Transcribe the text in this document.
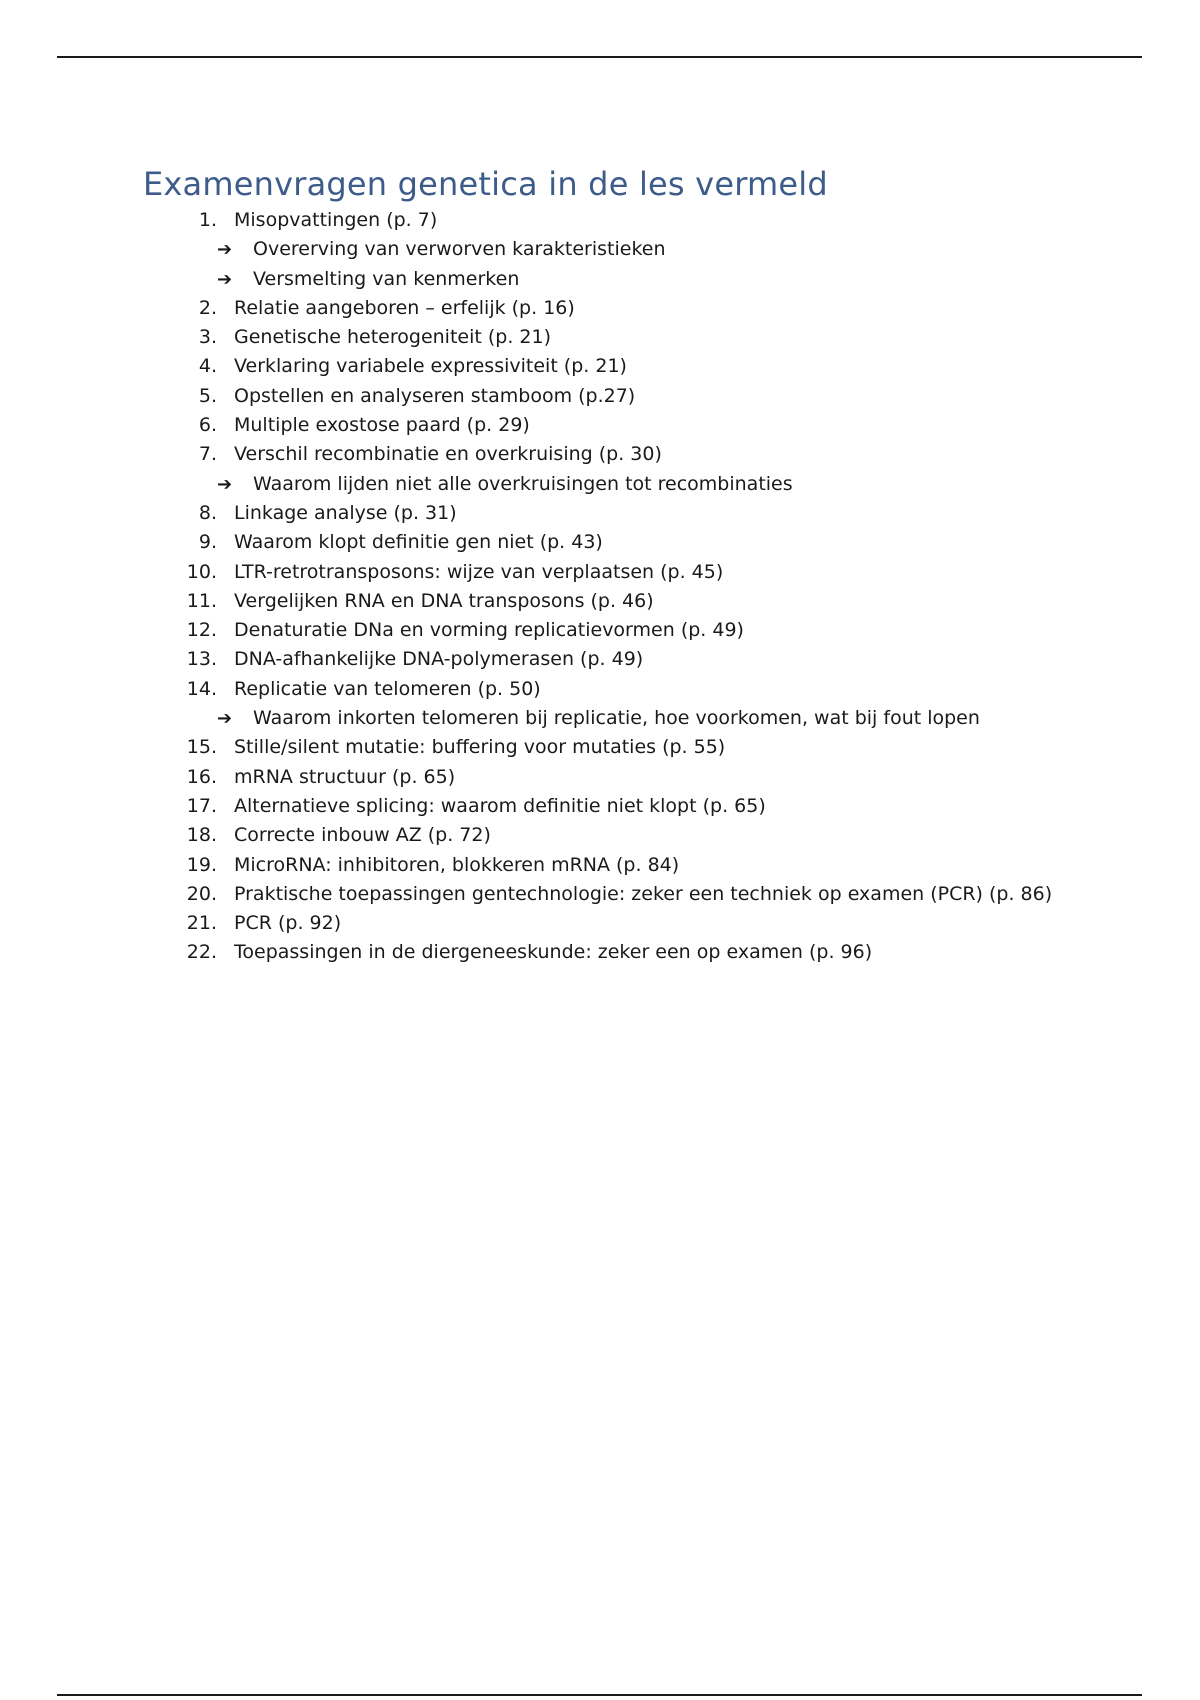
Examenvragen genetica in de les vermeld
1. Misopvattingen (p. 7)
➔	Overerving van verworven karakteristieken
➔	Versmelting van kenmerken
2. Relatie aangeboren – erfelijk (p. 16)
3. Genetische heterogeniteit (p. 21)
4. Verklaring variabele expressiviteit (p. 21)
5. Opstellen en analyseren stamboom (p.27)
6. Multiple exostose paard (p. 29)
7. Verschil recombinatie en overkruising (p. 30)
➔	Waarom lijden niet alle overkruisingen tot recombinaties
8. Linkage analyse (p. 31)
9. Waarom klopt definitie gen niet (p. 43)
10. LTR-retrotransposons: wijze van verplaatsen (p. 45)
11. Vergelijken RNA en DNA transposons (p. 46)
12. Denaturatie DNa en vorming replicatievormen (p. 49)
13. DNA-afhankelijke DNA-polymerasen (p. 49)
14. Replicatie van telomeren (p. 50)
➔	Waarom inkorten telomeren bij replicatie, hoe voorkomen, wat bij fout lopen
15. Stille/silent mutatie: buffering voor mutaties (p. 55)
16. mRNA structuur (p. 65)
17. Alternatieve splicing: waarom definitie niet klopt (p. 65)
18. Correcte inbouw AZ (p. 72)
19. MicroRNA: inhibitoren, blokkeren mRNA (p. 84)
20. Praktische toepassingen gentechnologie: zeker een techniek op examen (PCR) (p. 86)
21. PCR (p. 92)
22. Toepassingen in de diergeneeskunde: zeker een op examen (p. 96)
